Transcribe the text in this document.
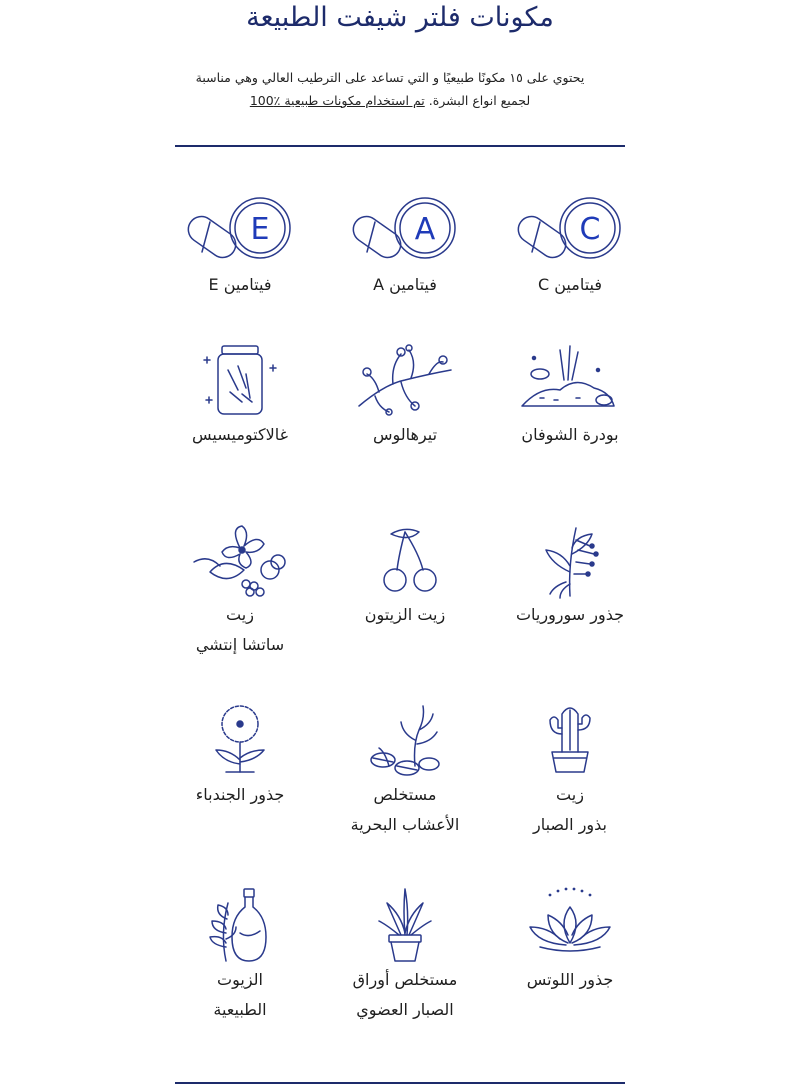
مكونات فلتر شيفت الطبيعة
يحتوي على ١٥ مكونًا طبيعيًا و التي تساعد على الترطيب العالي وهي مناسبة
لجميع انواع البشرة. تم استخدام مكونات طبيعية ٪100
C
فيتامين C
A
فيتامين A
E
فيتامين E
بودرة الشوفان
تيرهالوس
غالاكتوميسيس
جذور سوروريات
زيت الزيتون
زيت
ساتشا إنتشي
زيت
بذور الصبار
مستخلص
الأعشاب البحرية
جذور الجندباء
جذور اللوتس
مستخلص أوراق
الصبار العضوي
الزيوت
الطبيعية
